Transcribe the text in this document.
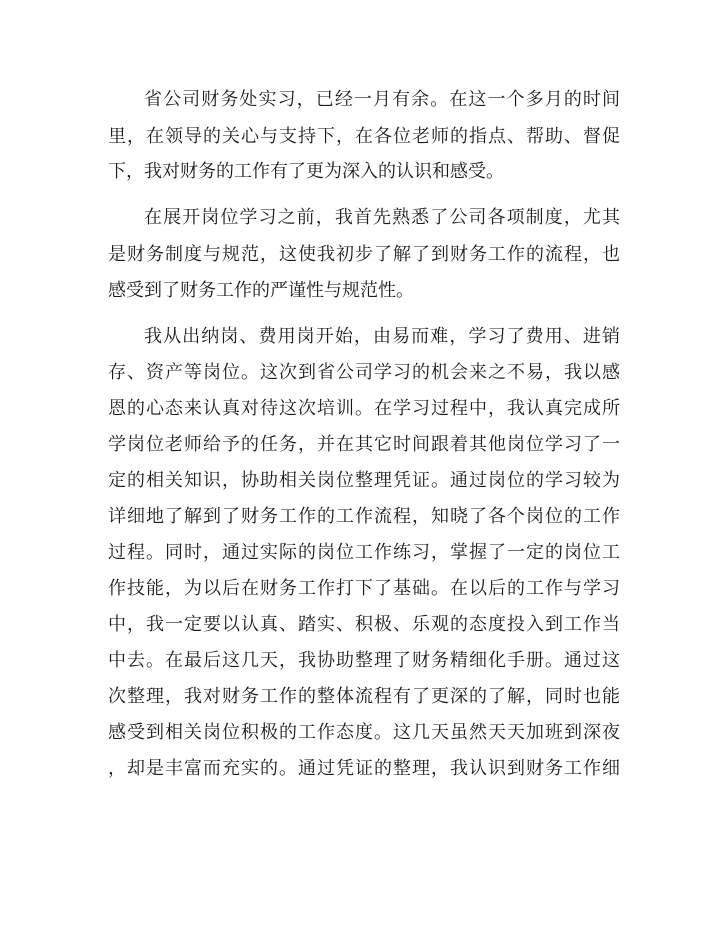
省公司财务处实习，已经一月有余。在这一个多月的时间
里，在领导的关心与支持下，在各位老师的指点、帮助、督促
下，我对财务的工作有了更为深入的认识和感受。
在展开岗位学习之前，我首先熟悉了公司各项制度，尤其
是财务制度与规范，这使我初步了解了到财务工作的流程，也
感受到了财务工作的严谨性与规范性。
我从出纳岗、费用岗开始，由易而难，学习了费用、进销
存、资产等岗位。这次到省公司学习的机会来之不易，我以感
恩的心态来认真对待这次培训。在学习过程中，我认真完成所
学岗位老师给予的任务，并在其它时间跟着其他岗位学习了一
定的相关知识，协助相关岗位整理凭证。通过岗位的学习较为
详细地了解到了财务工作的工作流程，知晓了各个岗位的工作
过程。同时，通过实际的岗位工作练习，掌握了一定的岗位工
作技能，为以后在财务工作打下了基础。在以后的工作与学习
中，我一定要以认真、踏实、积极、乐观的态度投入到工作当
中去。在最后这几天，我协助整理了财务精细化手册。通过这
次整理，我对财务工作的整体流程有了更深的了解，同时也能
感受到相关岗位积极的工作态度。这几天虽然天天加班到深夜
，却是丰富而充实的。通过凭证的整理，我认识到财务工作细
